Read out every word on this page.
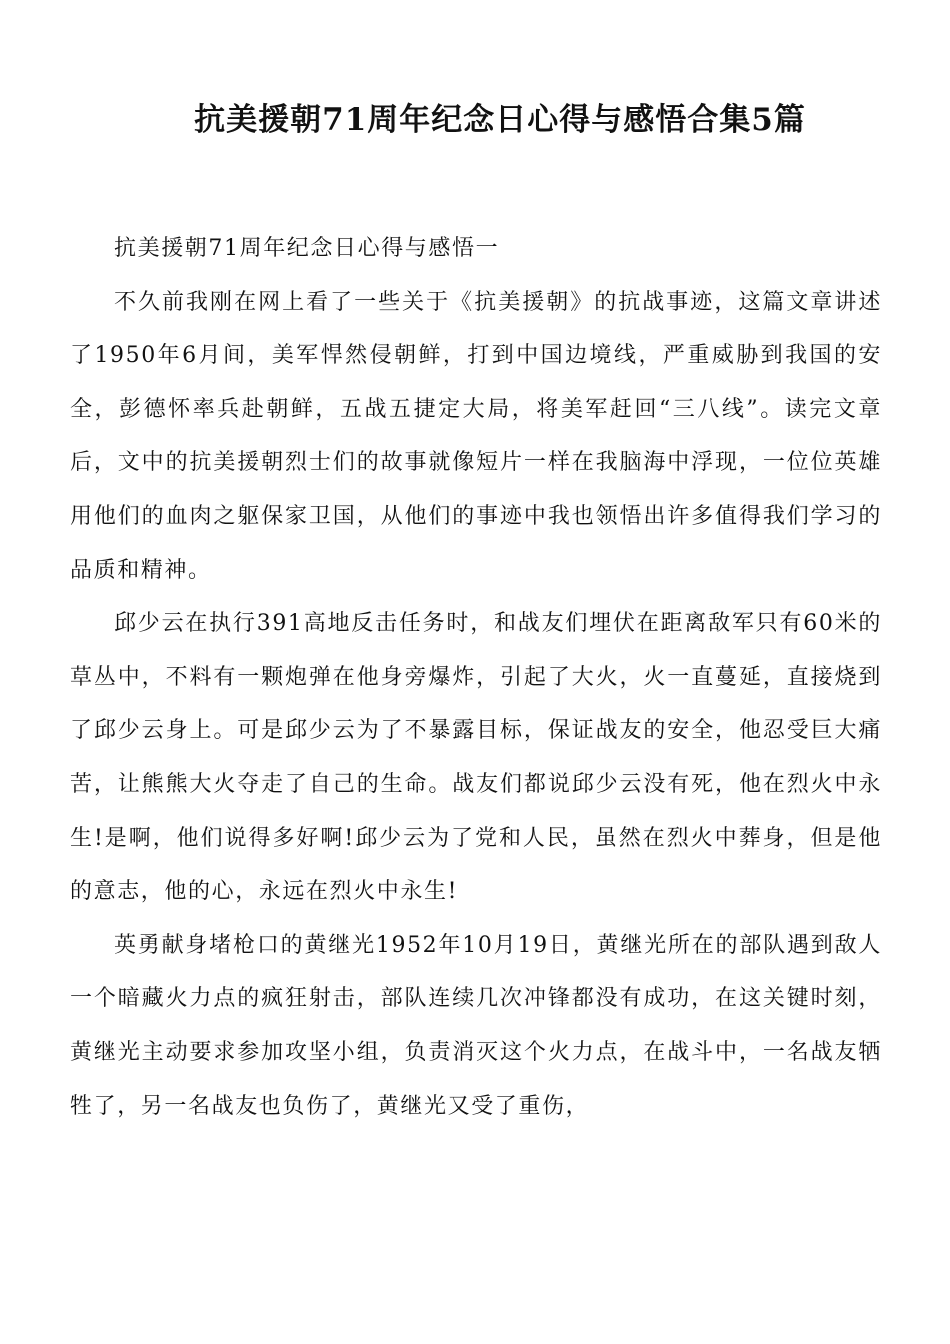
抗美援朝71周年纪念日心得与感悟合集5篇

抗美援朝71周年纪念日心得与感悟一

不久前我刚在网上看了一些关于《抗美援朝》的抗战事迹，这篇文章讲述了1950年6月间，美军悍然侵朝鲜，打到中国边境线，严重威胁到我国的安全，彭德怀率兵赴朝鲜，五战五捷定大局，将美军赶回“三八线”。读完文章后，文中的抗美援朝烈士们的故事就像短片一样在我脑海中浮现，一位位英雄用他们的血肉之躯保家卫国，从他们的事迹中我也领悟出许多值得我们学习的品质和精神。

邱少云在执行391高地反击任务时，和战友们埋伏在距离敌军只有60米的草丛中，不料有一颗炮弹在他身旁爆炸，引起了大火，火一直蔓延，直接烧到了邱少云身上。可是邱少云为了不暴露目标，保证战友的安全，他忍受巨大痛苦，让熊熊大火夺走了自己的生命。战友们都说邱少云没有死，他在烈火中永生!是啊，他们说得多好啊!邱少云为了党和人民，虽然在烈火中葬身，但是他的意志，他的心，永远在烈火中永生!

英勇献身堵枪口的黄继光1952年10月19日，黄继光所在的部队遇到敌人一个暗藏火力点的疯狂射击，部队连续几次冲锋都没有成功，在这关键时刻，黄继光主动要求参加攻坚小组，负责消灭这个火力点，在战斗中，一名战友牺牲了，另一名战友也负伤了，黄继光又受了重伤，
